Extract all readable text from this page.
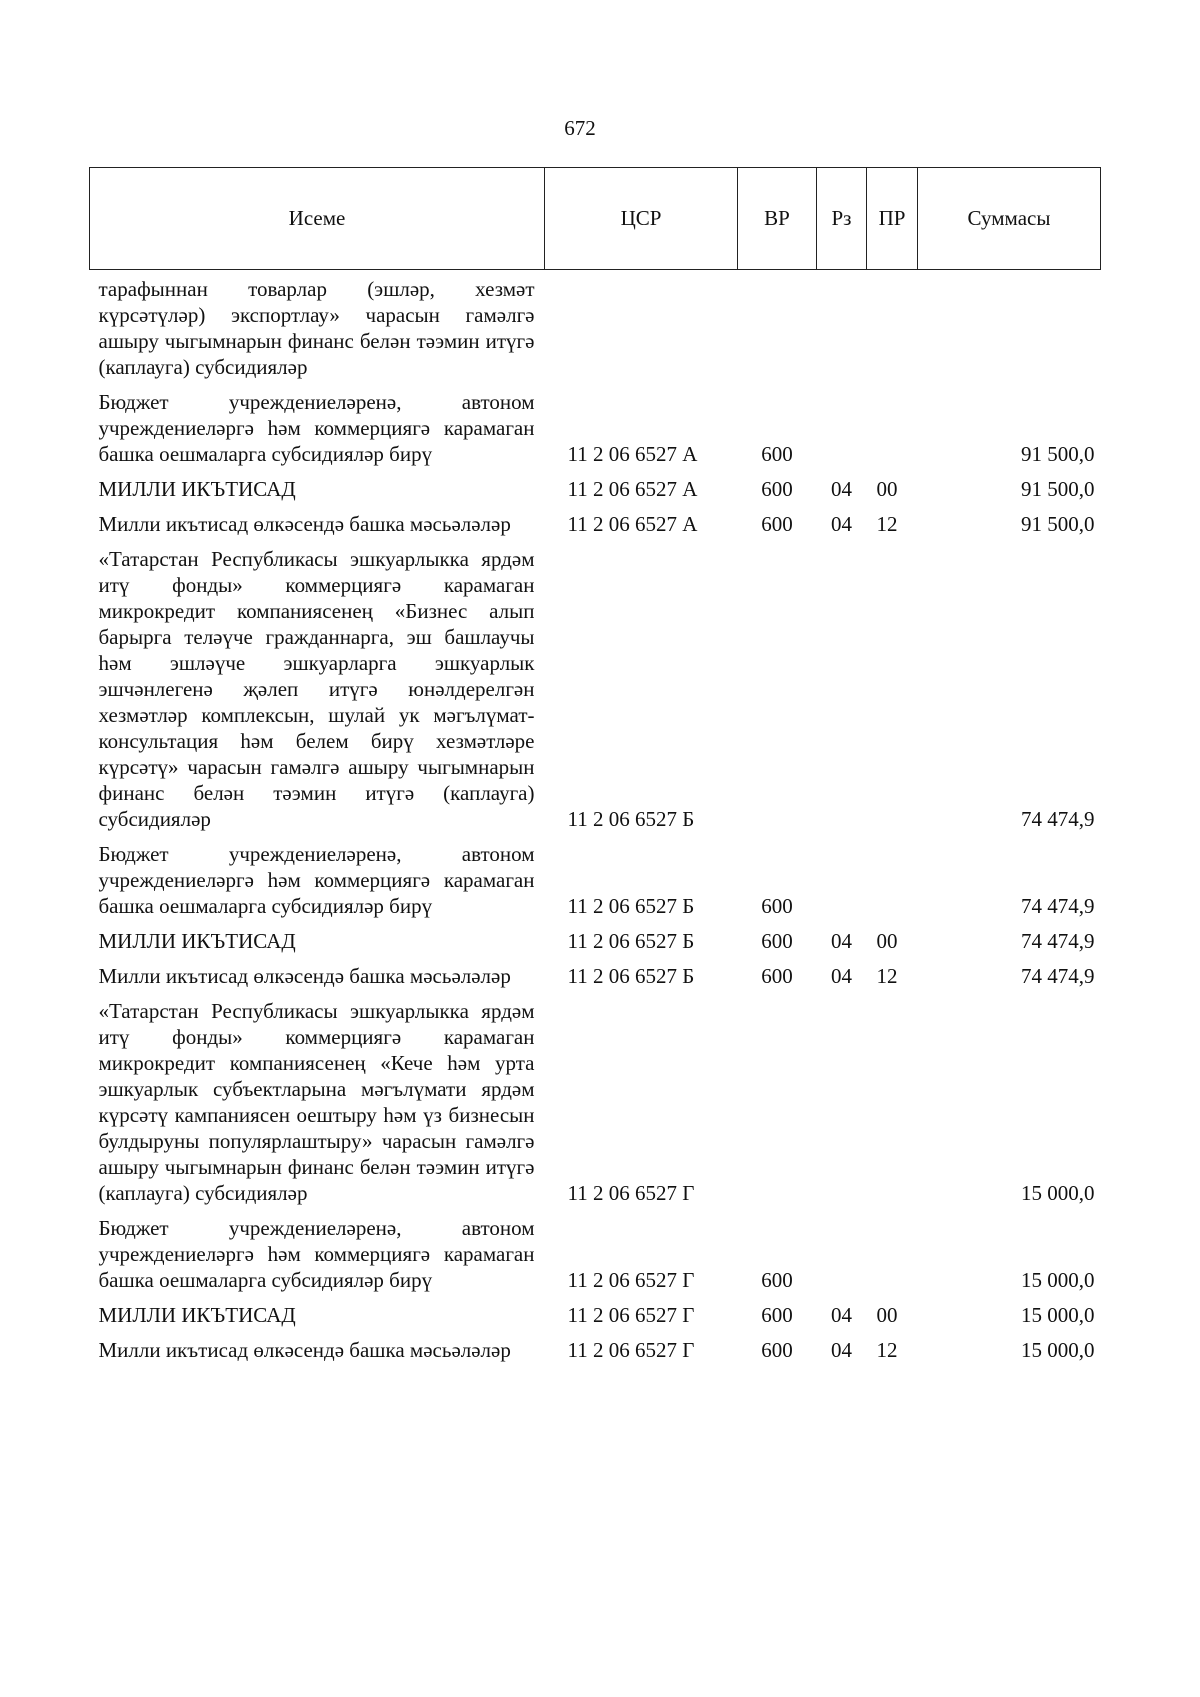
672
Исеме	ЦСР	ВР	Рз	ПР	Суммасы
тарафыннан товарлар (эшләр, хезмәт күрсәтүләр) экспортлау» чарасын гамәлгә ашыру чыгымнарын финанс белән тәэмин итүгә (каплауга) субсидияләр					
Бюджет учреждениеләренә, автоном учреждениеләргә һәм коммерциягә карамаган башка оешмаларга субсидияләр бирү	11 2 06 6527 А	600			91 500,0
МИЛЛИ ИКЪТИСАД	11 2 06 6527 А	600	04	00	91 500,0
Милли икътисад өлкәсендә башка мәсьәләләр	11 2 06 6527 А	600	04	12	91 500,0
«Татарстан Республикасы эшкуарлыкка ярдәм итү фонды» коммерциягә карамаган микрокредит компаниясенең «Бизнес алып барырга теләүче гражданнарга, эш башлаучы һәм эшләүче эшкуарларга эшкуарлык эшчәнлегенә җәлеп итүгә юнәлдерелгән хезмәтләр комплексын, шулай ук мәгълүмат-консультация һәм белем бирү хезмәтләре күрсәтү» чарасын гамәлгә ашыру чыгымнарын финанс белән тәэмин итүгә (каплауга) субсидияләр	11 2 06 6527 Б				74 474,9
Бюджет учреждениеләренә, автоном учреждениеләргә һәм коммерциягә карамаган башка оешмаларга субсидияләр бирү	11 2 06 6527 Б	600			74 474,9
МИЛЛИ ИКЪТИСАД	11 2 06 6527 Б	600	04	00	74 474,9
Милли икътисад өлкәсендә башка мәсьәләләр	11 2 06 6527 Б	600	04	12	74 474,9
«Татарстан Республикасы эшкуарлыкка ярдәм итү фонды» коммерциягә карамаган микрокредит компаниясенең «Кече һәм урта эшкуарлык субъектларына мәгълүмати ярдәм күрсәтү кампаниясен оештыру һәм үз бизнесын булдыруны популярлаштыру» чарасын гамәлгә ашыру чыгымнарын финанс белән тәэмин итүгә (каплауга) субсидияләр	11 2 06 6527 Г				15 000,0
Бюджет учреждениеләренә, автоном учреждениеләргә һәм коммерциягә карамаган башка оешмаларга субсидияләр бирү	11 2 06 6527 Г	600			15 000,0
МИЛЛИ ИКЪТИСАД	11 2 06 6527 Г	600	04	00	15 000,0
Милли икътисад өлкәсендә башка мәсьәләләр	11 2 06 6527 Г	600	04	12	15 000,0
